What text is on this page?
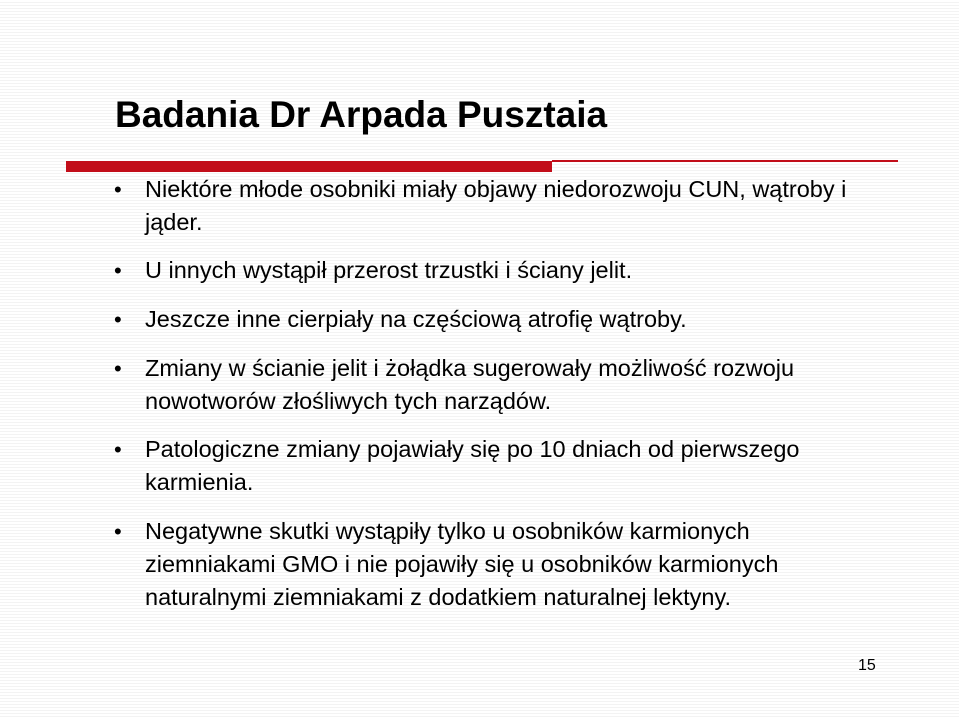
Badania Dr Arpada Pusztaia
• Niektóre młode osobniki miały objawy niedorozwoju CUN, wątroby i jąder.
• U innych wystąpił przerost trzustki i ściany jelit.
• Jeszcze inne cierpiały na częściową atrofię wątroby.
• Zmiany w ścianie jelit i żołądka sugerowały możliwość rozwoju nowotworów złośliwych tych narządów.
• Patologiczne zmiany pojawiały się po 10 dniach od pierwszego karmienia.
• Negatywne skutki wystąpiły tylko u osobników karmionych ziemniakami GMO i nie pojawiły się u osobników karmionych naturalnymi ziemniakami z dodatkiem naturalnej lektyny.
15
